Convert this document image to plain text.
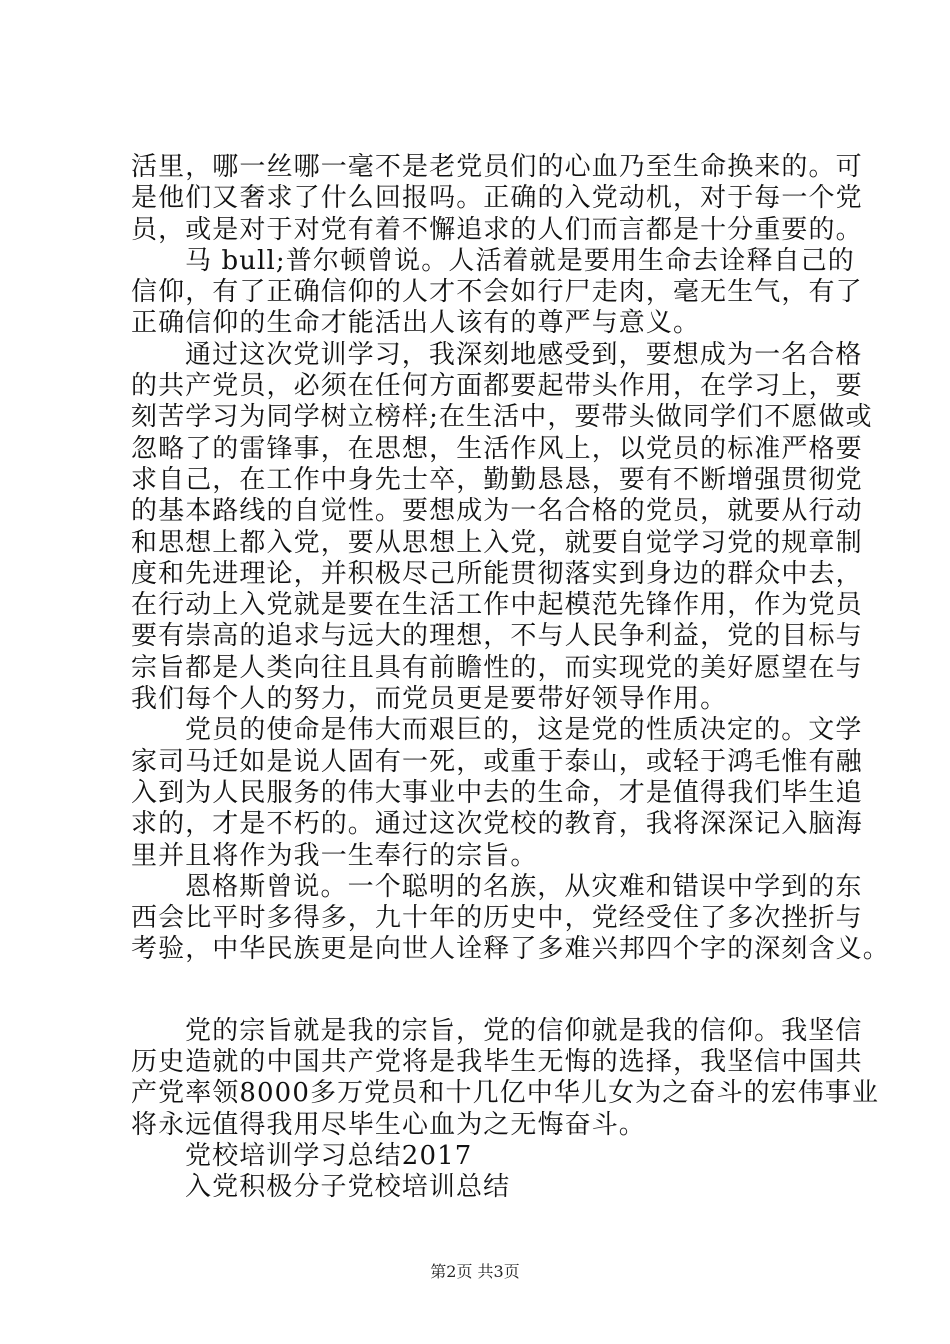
活里，哪一丝哪一毫不是老党员们的心血乃至生命换来的。可
是他们又奢求了什么回报吗。正确的入党动机，对于每一个党
员，或是对于对党有着不懈追求的人们而言都是十分重要的。
马 bull;普尔顿曾说。人活着就是要用生命去诠释自己的
信仰，有了正确信仰的人才不会如行尸走肉，毫无生气，有了
正确信仰的生命才能活出人该有的尊严与意义。
通过这次党训学习，我深刻地感受到，要想成为一名合格
的共产党员，必须在任何方面都要起带头作用，在学习上，要
刻苦学习为同学树立榜样;在生活中，要带头做同学们不愿做或
忽略了的雷锋事，在思想，生活作风上，以党员的标准严格要
求自己，在工作中身先士卒，勤勤恳恳，要有不断增强贯彻党
的基本路线的自觉性。要想成为一名合格的党员，就要从行动
和思想上都入党，要从思想上入党，就要自觉学习党的规章制
度和先进理论，并积极尽己所能贯彻落实到身边的群众中去，
在行动上入党就是要在生活工作中起模范先锋作用，作为党员
要有崇高的追求与远大的理想，不与人民争利益，党的目标与
宗旨都是人类向往且具有前瞻性的，而实现党的美好愿望在与
我们每个人的努力，而党员更是要带好领导作用。
党员的使命是伟大而艰巨的，这是党的性质决定的。文学
家司马迁如是说人固有一死，或重于泰山，或轻于鸿毛惟有融
入到为人民服务的伟大事业中去的生命，才是值得我们毕生追
求的，才是不朽的。通过这次党校的教育，我将深深记入脑海
里并且将作为我一生奉行的宗旨。
恩格斯曾说。一个聪明的名族，从灾难和错误中学到的东
西会比平时多得多，九十年的历史中，党经受住了多次挫折与
考验，中华民族更是向世人诠释了多难兴邦四个字的深刻含义。
党的宗旨就是我的宗旨，党的信仰就是我的信仰。我坚信
历史造就的中国共产党将是我毕生无悔的选择，我坚信中国共
产党率领8000多万党员和十几亿中华儿女为之奋斗的宏伟事业
将永远值得我用尽毕生心血为之无悔奋斗。
党校培训学习总结2017
入党积极分子党校培训总结
第2页 共3页
